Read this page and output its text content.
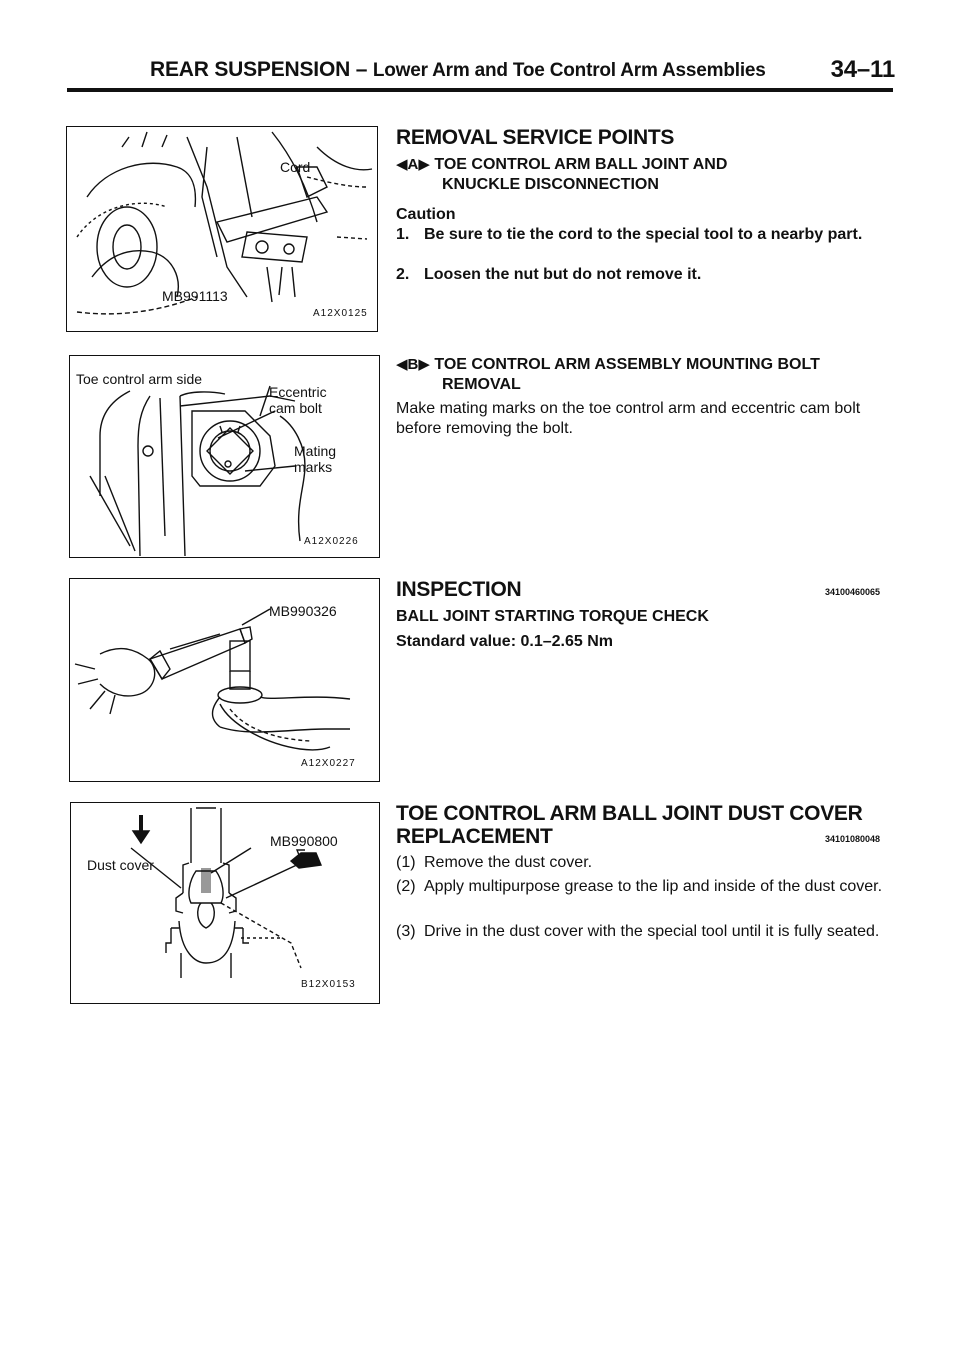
REAR SUSPENSION – Lower Arm and Toe Control Arm Assemblies	34–11
Cord
MB991113
A12X0125
Toe control arm side
Eccentric
cam bolt
Mating
marks
A12X0226
MB990326
A12X0227
MB990800
Dust cover
B12X0153
REMOVAL SERVICE POINTS
◀A▶ TOE CONTROL ARM BALL JOINT AND
KNUCKLE DISCONNECTION
Caution
1. Be sure to tie the cord to the special tool to a nearby part.
2. Loosen the nut but do not remove it.
◀B▶ TOE CONTROL ARM ASSEMBLY MOUNTING BOLT
REMOVAL
Make mating marks on the toe control arm and eccentric cam bolt before removing the bolt.
INSPECTION	34100460065
BALL JOINT STARTING TORQUE CHECK
Standard value: 0.1–2.65 Nm
TOE CONTROL ARM BALL JOINT DUST COVER
REPLACEMENT	34101080048
(1) Remove the dust cover.
(2) Apply multipurpose grease to the lip and inside of the dust cover.
(3) Drive in the dust cover with the special tool until it is fully seated.
